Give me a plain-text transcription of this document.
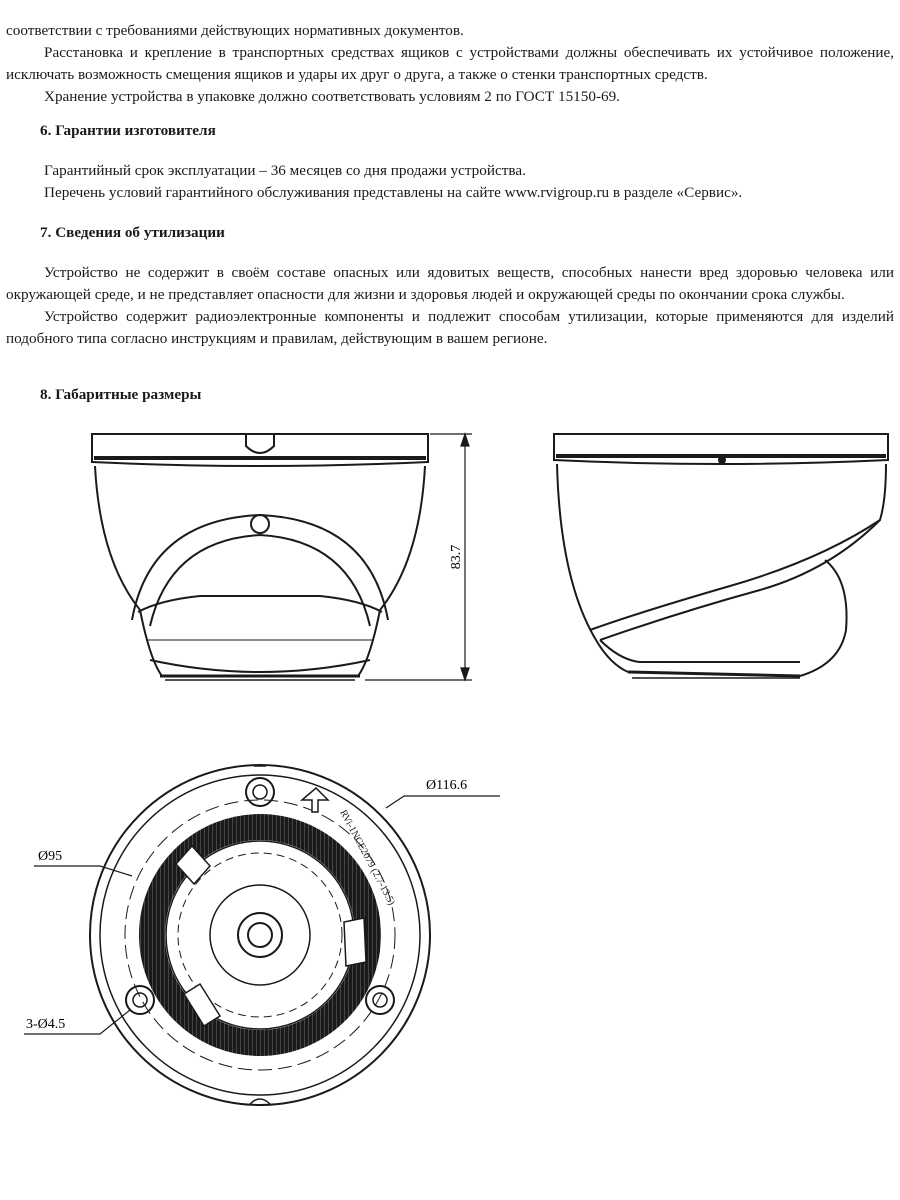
соответствии с требованиями действующих нормативных документов.

Расстановка и крепление в транспортных средствах ящиков с устройствами должны обеспечивать их устойчивое положение, исключать возможность смещения ящиков и удары их друг о друга, а также о стенки транспортных средств.

Хранение устройства в упаковке должно соответствовать условиям 2 по ГОСТ 15150-69.

6. Гарантии изготовителя

Гарантийный срок эксплуатации – 36 месяцев со дня продажи устройства.

Перечень условий гарантийного обслуживания представлены на сайте www.rvigroup.ru в разделе «Сервис».

7. Сведения об утилизации

Устройство не содержит в своём составе опасных или ядовитых веществ, способных нанести вред здоровью человека или окружающей среде, и не представляет опасности для жизни и здоровья людей и окружающей среды по окончании срока службы.

Устройство содержит радиоэлектронные компоненты и подлежит способам утилизации, которые применяются для изделий подобного типа согласно инструкциям и правилам, действующим в вашем регионе.

8. Габаритные размеры
83.7
RVi-1NCE2079 (2.7-13.5)
Ø116.6
Ø95
3-Ø4.5
